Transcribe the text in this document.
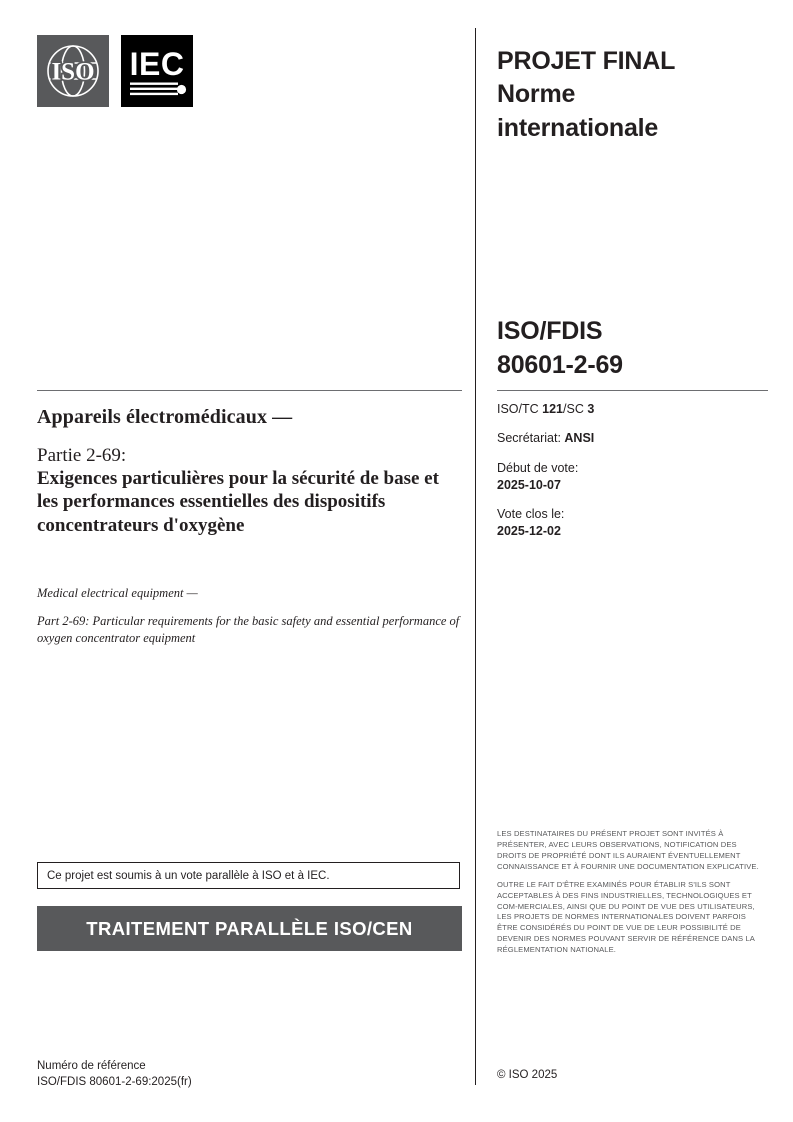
ISO IEC	PROJET FINAL
Norme
internationale
ISO/FDIS
80601-2-69
ISO/TC 121/SC 3
Secrétariat: ANSI
Début de vote:
2025-10-07
Vote clos le:
2025-12-02
Appareils électromédicaux —
Partie 2-69:
Exigences particulières pour la sécurité de base et les performances essentielles des dispositifs concentrateurs d'oxygène
Medical electrical equipment —
Part 2-69: Particular requirements for the basic safety and essential performance of oxygen concentrator equipment
Ce projet est soumis à un vote parallèle à ISO et à IEC.
TRAITEMENT PARALLÈLE ISO/CEN

LES DESTINATAIRES DU PRÉSENT PROJET SONT INVITÉS À PRÉSENTER, AVEC LEURS OBSERVATIONS, NOTIFICATION DES DROITS DE PROPRIÉTÉ DONT ILS AURAIENT ÉVENTUELLEMENT CONNAISSANCE ET À FOURNIR UNE DOCUMENTATION EXPLICATIVE.

OUTRE LE FAIT D'ÊTRE EXAMINÉS POUR ÉTABLIR S'ILS SONT ACCEPTABLES À DES FINS INDUSTRIELLES, TECHNOLOGIQUES ET COM-MERCIALES, AINSI QUE DU POINT DE VUE DES UTILISATEURS, LES PROJETS DE NORMES INTERNATIONALES DOIVENT PARFOIS ÊTRE CONSIDÉRÉS DU POINT DE VUE DE LEUR POSSIBILITÉ DE DEVENIR DES NORMES POUVANT SERVIR DE RÉFÉRENCE DANS LA RÉGLEMENTATION NATIONALE.

Numéro de référence
ISO/FDIS 80601-2-69:2025(fr)
© ISO 2025
